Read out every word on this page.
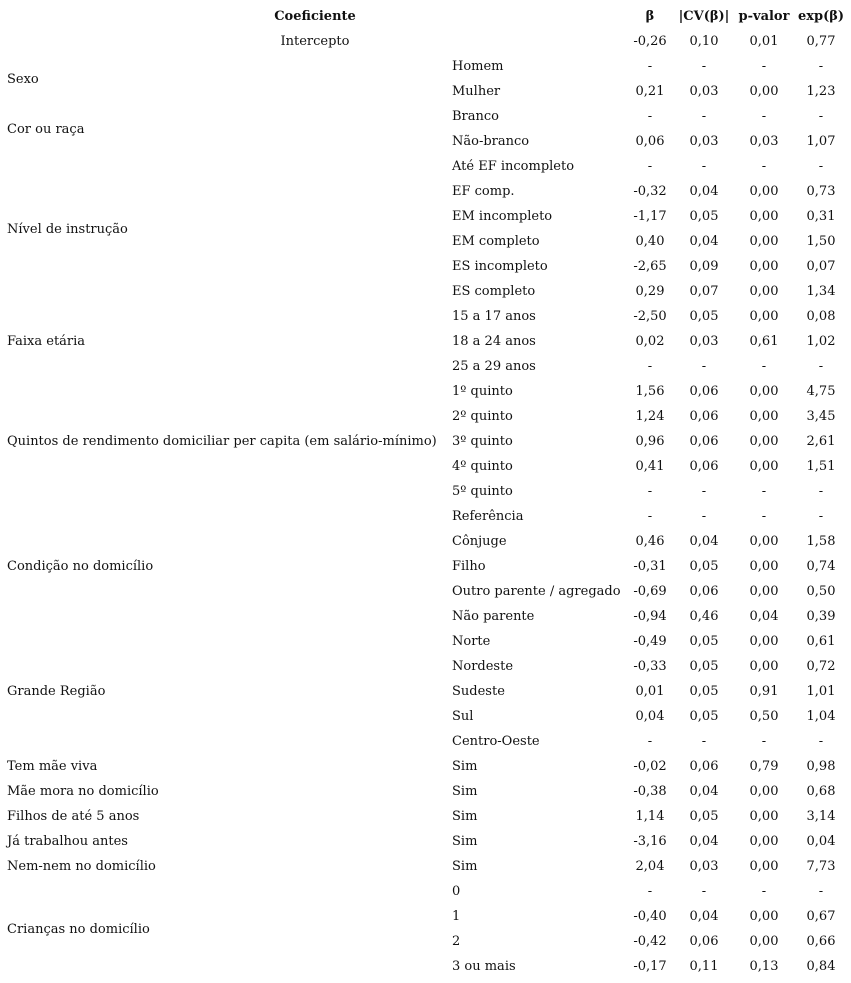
Coeficiente	β	|CV(β)| p-valor exp(β)
Intercepto	-0,26	0,10	0,01	0,77
Homem	-	-	-	-
Mulher	0,21	0,03	0,00	1,23
Sexo
Branco	-	-	-	-
Não-branco	0,06	0,03	0,03	1,07
Cor ou raça
Até EF incompleto	-	-	-	-
EF comp.	-0,32	0,04	0,00	0,73
EM incompleto	-1,17	0,05	0,00	0,31
EM completo	0,40	0,04	0,00	1,50
ES incompleto	-2,65	0,09	0,00	0,07
ES completo	0,29	0,07	0,00	1,34
Nível de instrução
15 a 17 anos	-2,50	0,05	0,00	0,08
18 a 24 anos	0,02	0,03	0,61	1,02
25 a 29 anos	-	-	-	-
Faixa etária
1º quinto	1,56	0,06	0,00	4,75
2º quinto	1,24	0,06	0,00	3,45
3º quinto	0,96	0,06	0,00	2,61
4º quinto	0,41	0,06	0,00	1,51
5º quinto	-	-	-	-
Quintos de rendimento domiciliar per capita (em salário-mínimo)
Referência	-	-	-	-
Cônjuge	0,46	0,04	0,00	1,58
Filho	-0,31	0,05	0,00	0,74
Outro parente / agregado -0,69	0,06	0,00	0,50
Não parente	-0,94	0,46	0,04	0,39
Condição no domicílio
Norte	-0,49	0,05	0,00	0,61
Nordeste	-0,33	0,05	0,00	0,72
Sudeste	0,01	0,05	0,91	1,01
Sul	0,04	0,05	0,50	1,04
Centro-Oeste	-	-	-	-
Grande Região
Sim	-0,02	0,06	0,79	0,98
Tem mãe viva
Sim	-0,38	0,04	0,00	0,68
Mãe mora no domicílio
Sim	1,14	0,05	0,00	3,14
Filhos de até 5 anos
Sim	-3,16	0,04	0,00	0,04
Já trabalhou antes
Sim	2,04	0,03	0,00	7,73
Nem-nem no domicílio
0	-	-	-	-
1	-0,40	0,04	0,00	0,67
2	-0,42	0,06	0,00	0,66
3 ou mais	-0,17	0,11	0,13	0,84
Crianças no domicílio
